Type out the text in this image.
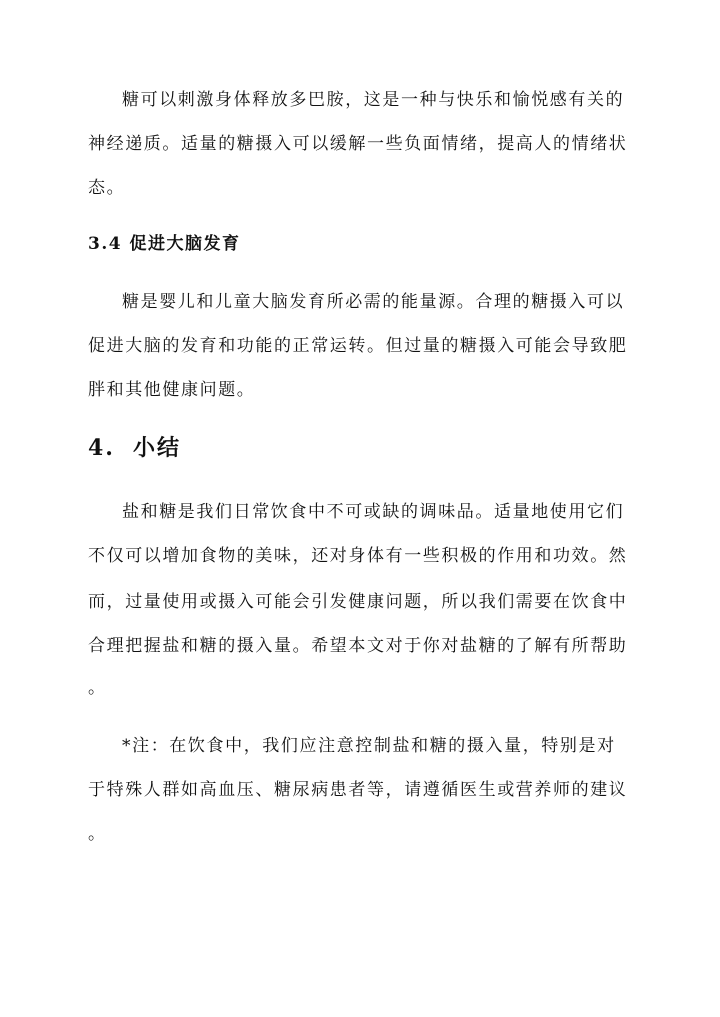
糖可以刺激身体释放多巴胺，这是一种与快乐和愉悦感有关的
神经递质。适量的糖摄入可以缓解一些负面情绪，提高人的情绪状
态。
3.4 促进大脑发育
糖是婴儿和儿童大脑发育所必需的能量源。合理的糖摄入可以
促进大脑的发育和功能的正常运转。但过量的糖摄入可能会导致肥
胖和其他健康问题。
4. 小结
盐和糖是我们日常饮食中不可或缺的调味品。适量地使用它们
不仅可以增加食物的美味，还对身体有一些积极的作用和功效。然
而，过量使用或摄入可能会引发健康问题，所以我们需要在饮食中
合理把握盐和糖的摄入量。希望本文对于你对盐糖的了解有所帮助
。
*注：在饮食中，我们应注意控制盐和糖的摄入量，特别是对
于特殊人群如高血压、糖尿病患者等，请遵循医生或营养师的建议
。
